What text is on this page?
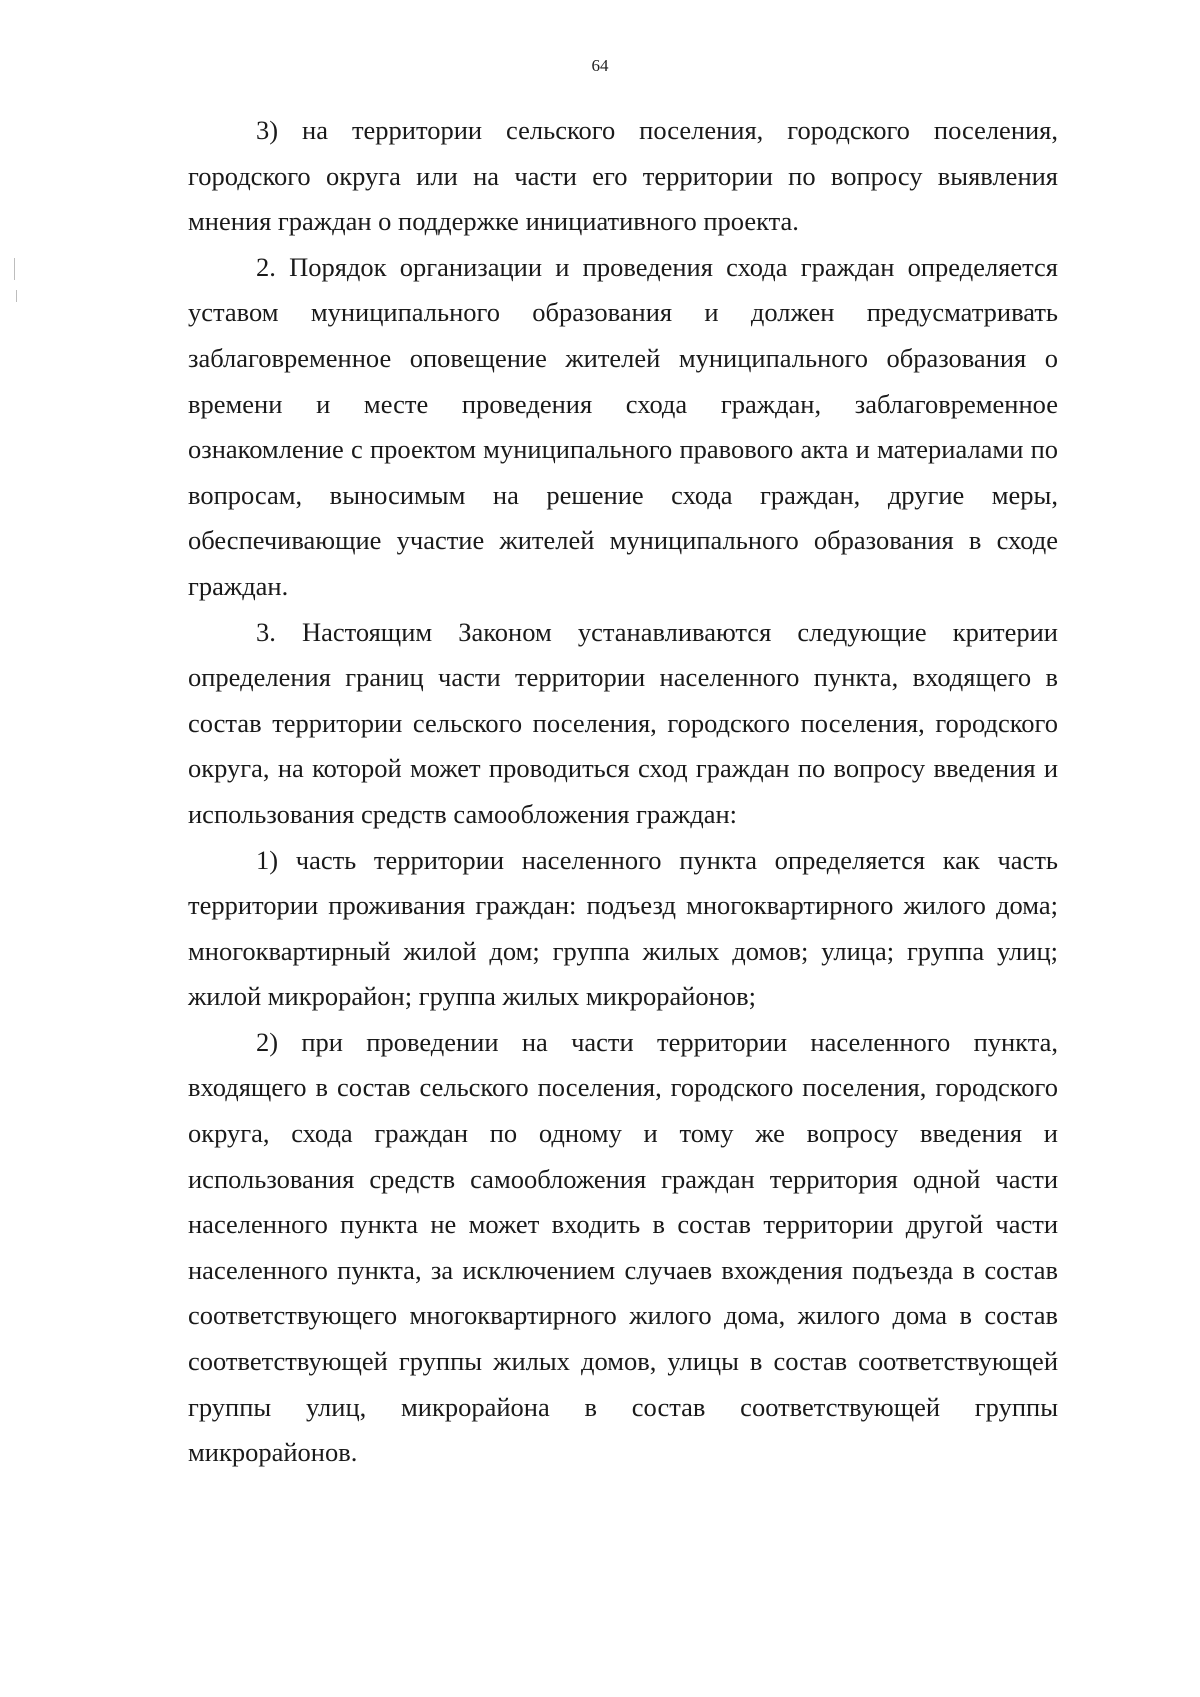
64

3) на территории сельского поселения, городского поселения, городского округа или на части его территории по вопросу выявления мнения граждан о поддержке инициативного проекта.

2. Порядок организации и проведения схода граждан определяется уставом муниципального образования и должен предусматривать заблаговременное оповещение жителей муниципального образования о времени и месте проведения схода граждан, заблаговременное ознакомление с проектом муниципального правового акта и материалами по вопросам, выносимым на решение схода граждан, другие меры, обеспечивающие участие жителей муниципального образования в сходе граждан.

3. Настоящим Законом устанавливаются следующие критерии определения границ части территории населенного пункта, входящего в состав территории сельского поселения, городского поселения, городского округа, на которой может проводиться сход граждан по вопросу введения и использования средств самообложения граждан:

1) часть территории населенного пункта определяется как часть территории проживания граждан: подъезд многоквартирного жилого дома; многоквартирный жилой дом; группа жилых домов; улица; группа улиц; жилой микрорайон; группа жилых микрорайонов;

2) при проведении на части территории населенного пункта, входящего в состав сельского поселения, городского поселения, городского округа, схода граждан по одному и тому же вопросу введения и использования средств самообложения граждан территория одной части населенного пункта не может входить в состав территории другой части населенного пункта, за исключением случаев вхождения подъезда в состав соответствующего многоквартирного жилого дома, жилого дома в состав соответствующей группы жилых домов, улицы в состав соответствующей группы улиц, микрорайона в состав соответствующей группы микрорайонов.
